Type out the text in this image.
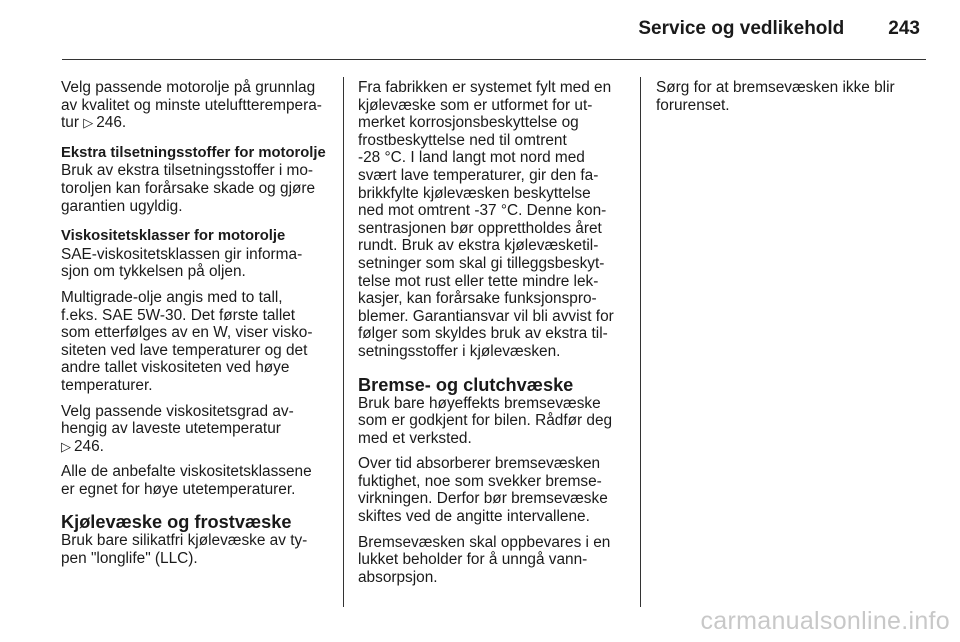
Service og vedlikehold 243

Velg passende motorolje på grunnlag
av kvalitet og minste uteluftterempera-
tur ▷ 246.

Ekstra tilsetningsstoffer for motorolje

Bruk av ekstra tilsetningsstoffer i mo-
toroljen kan forårsake skade og gjøre
garantien ugyldig.

Viskositetsklasser for motorolje

SAE-viskositetsklassen gir informa-
sjon om tykkelsen på oljen.

Multigrade-olje angis med to tall,
f.eks. SAE 5W-30. Det første tallet
som etterfølges av en W, viser visko-
siteten ved lave temperaturer og det
andre tallet viskositeten ved høye
temperaturer.

Velg passende viskositetsgrad av-
hengig av laveste utetemperatur
▷ 246.

Alle de anbefalte viskositetsklassene
er egnet for høye utetemperaturer.

Kjølevæske og frostvæske

Bruk bare silikatfri kjølevæske av ty-
pen "longlife" (LLC).

Fra fabrikken er systemet fylt med en
kjølevæske som er utformet for ut-
merket korrosjonsbeskyttelse og
frostbeskyttelse ned til omtrent
-28 °C. I land langt mot nord med
svært lave temperaturer, gir den fa-
brikkfylte kjølevæsken beskyttelse
ned mot omtrent -37 °C. Denne kon-
sentrasjonen bør opprettholdes året
rundt. Bruk av ekstra kjølevæsketil-
setninger som skal gi tilleggsbeskyt-
telse mot rust eller tette mindre lek-
kasjer, kan forårsake funksjonspro-
blemer. Garantiansvar vil bli avvist for
følger som skyldes bruk av ekstra til-
setningsstoffer i kjølevæsken.

Bremse- og clutchvæske

Bruk bare høyeffekts bremsevæske
som er godkjent for bilen. Rådfør deg
med et verksted.

Over tid absorberer bremsevæsken
fuktighet, noe som svekker bremse-
virkningen. Derfor bør bremsevæske
skiftes ved de angitte intervallene.

Bremsevæsken skal oppbevares i en
lukket beholder for å unngå vann-
absorpsjon.

Sørg for at bremsevæsken ikke blir
forurenset.

carmanualsonline.info
